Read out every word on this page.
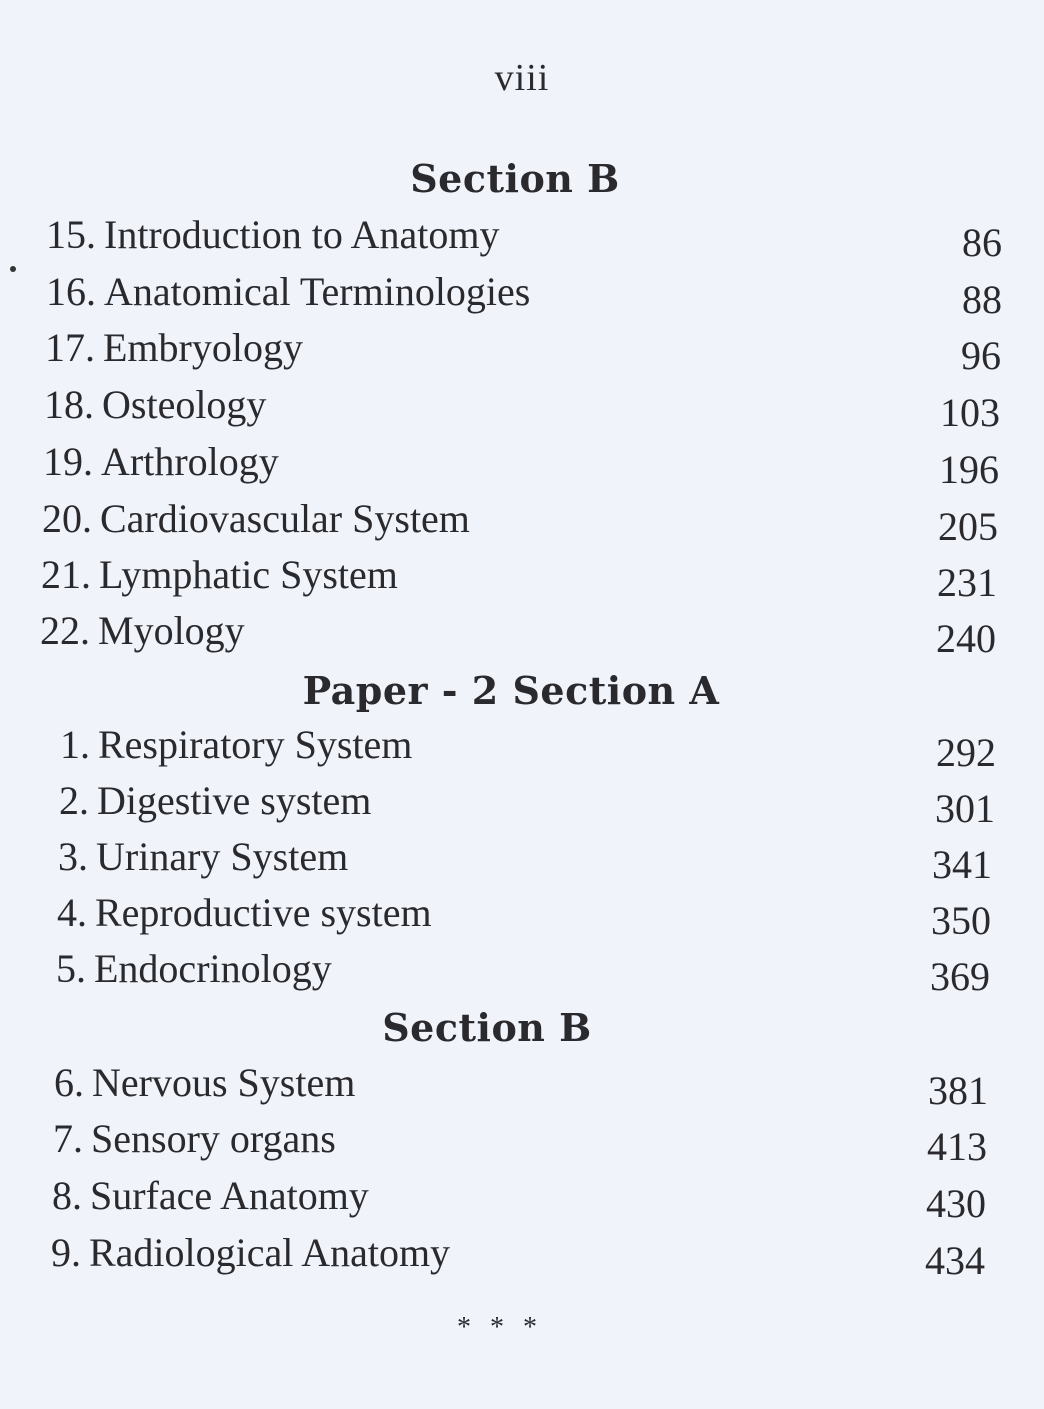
viii
Section B
15. Introduction to Anatomy	86
16. Anatomical Terminologies	88
17. Embryology	96
18. Osteology	103
19. Arthrology	196
20. Cardiovascular System	205
21. Lymphatic System	231
22. Myology	240
Paper - 2 Section A
1. Respiratory System	292
2. Digestive system	301
3. Urinary System	341
4. Reproductive system	350
5. Endocrinology	369
Section B
6. Nervous System	381
7. Sensory organs	413
8. Surface Anatomy	430
9. Radiological Anatomy	434
* * *
